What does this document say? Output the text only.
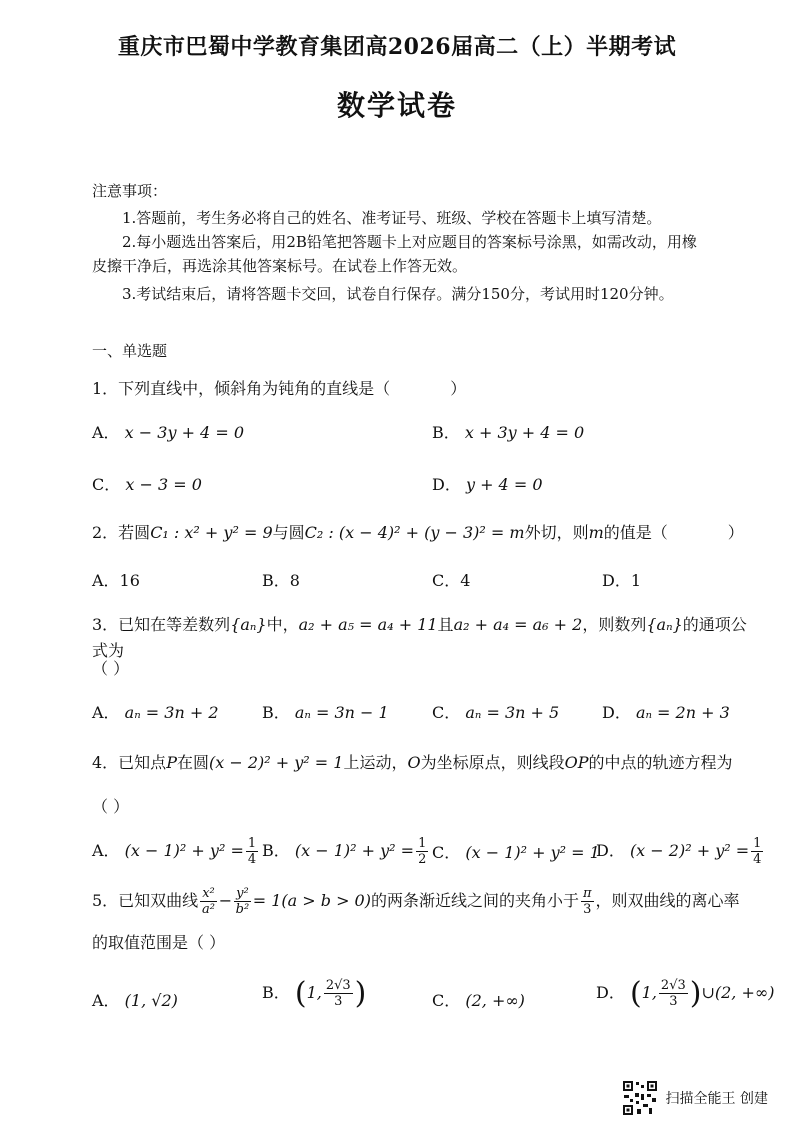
重庆市巴蜀中学教育集团高2026届高二（上）半期考试
数学试卷
注意事项：
1.答题前，考生务必将自己的姓名、准考证号、班级、学校在答题卡上填写清楚。
2.每小题选出答案后，用2B铅笔把答题卡上对应题目的答案标号涂黑，如需改动，用橡
皮擦干净后，再选涂其他答案标号。在试卷上作答无效。
3.考试结束后，请将答题卡交回，试卷自行保存。满分150分，考试用时120分钟。
一、单选题
1．下列直线中，倾斜角为钝角的直线是（	）
A． x − 3y + 4 = 0	B． x + 3y + 4 = 0
C． x − 3 = 0	D． y + 4 = 0
2．若圆C₁ : x² + y² = 9与圆C₂ : (x − 4)² + (y − 3)² = m外切，则m的值是（	）
A．16	B．8	C．4	D．1
3．已知在等差数列{aₙ}中，a₂ + a₅ = a₄ + 11且a₂ + a₄ = a₆ + 2，则数列{aₙ}的通项公式为
（ ）
A． aₙ = 3n + 2	B． aₙ = 3n − 1	C． aₙ = 3n + 5	D． aₙ = 2n + 3
4．已知点P在圆(x − 2)² + y² = 1上运动，O为坐标原点，则线段OP的中点的轨迹方程为
（ ）
A． $(x - 1)^2 + y^2 = \frac{1}{4}$ B． $(x - 1)^2 + y^2 = \frac{1}{2}$ C． (x − 1)² + y² = 1
D． $(x - 2)^2 + y^2 = \frac{1}{4}$
5．已知双曲线 $\frac{\text{x²}}{\text{a²}} - \frac{\text{y²}}{\text{b²}} = 1(a > b > 0)$的两条渐近线之间的夹角小于 $\frac{\pi}{3}$ ，则双曲线的离心率
的取值范围是（ ）
A． (1, √2)	B． (1, $\frac{2√3}{3}$ )	C． (2, +∞)	D． (1, $\frac{2√3}{3}$ )∪(2, +∞)
扫描全能王 创建
